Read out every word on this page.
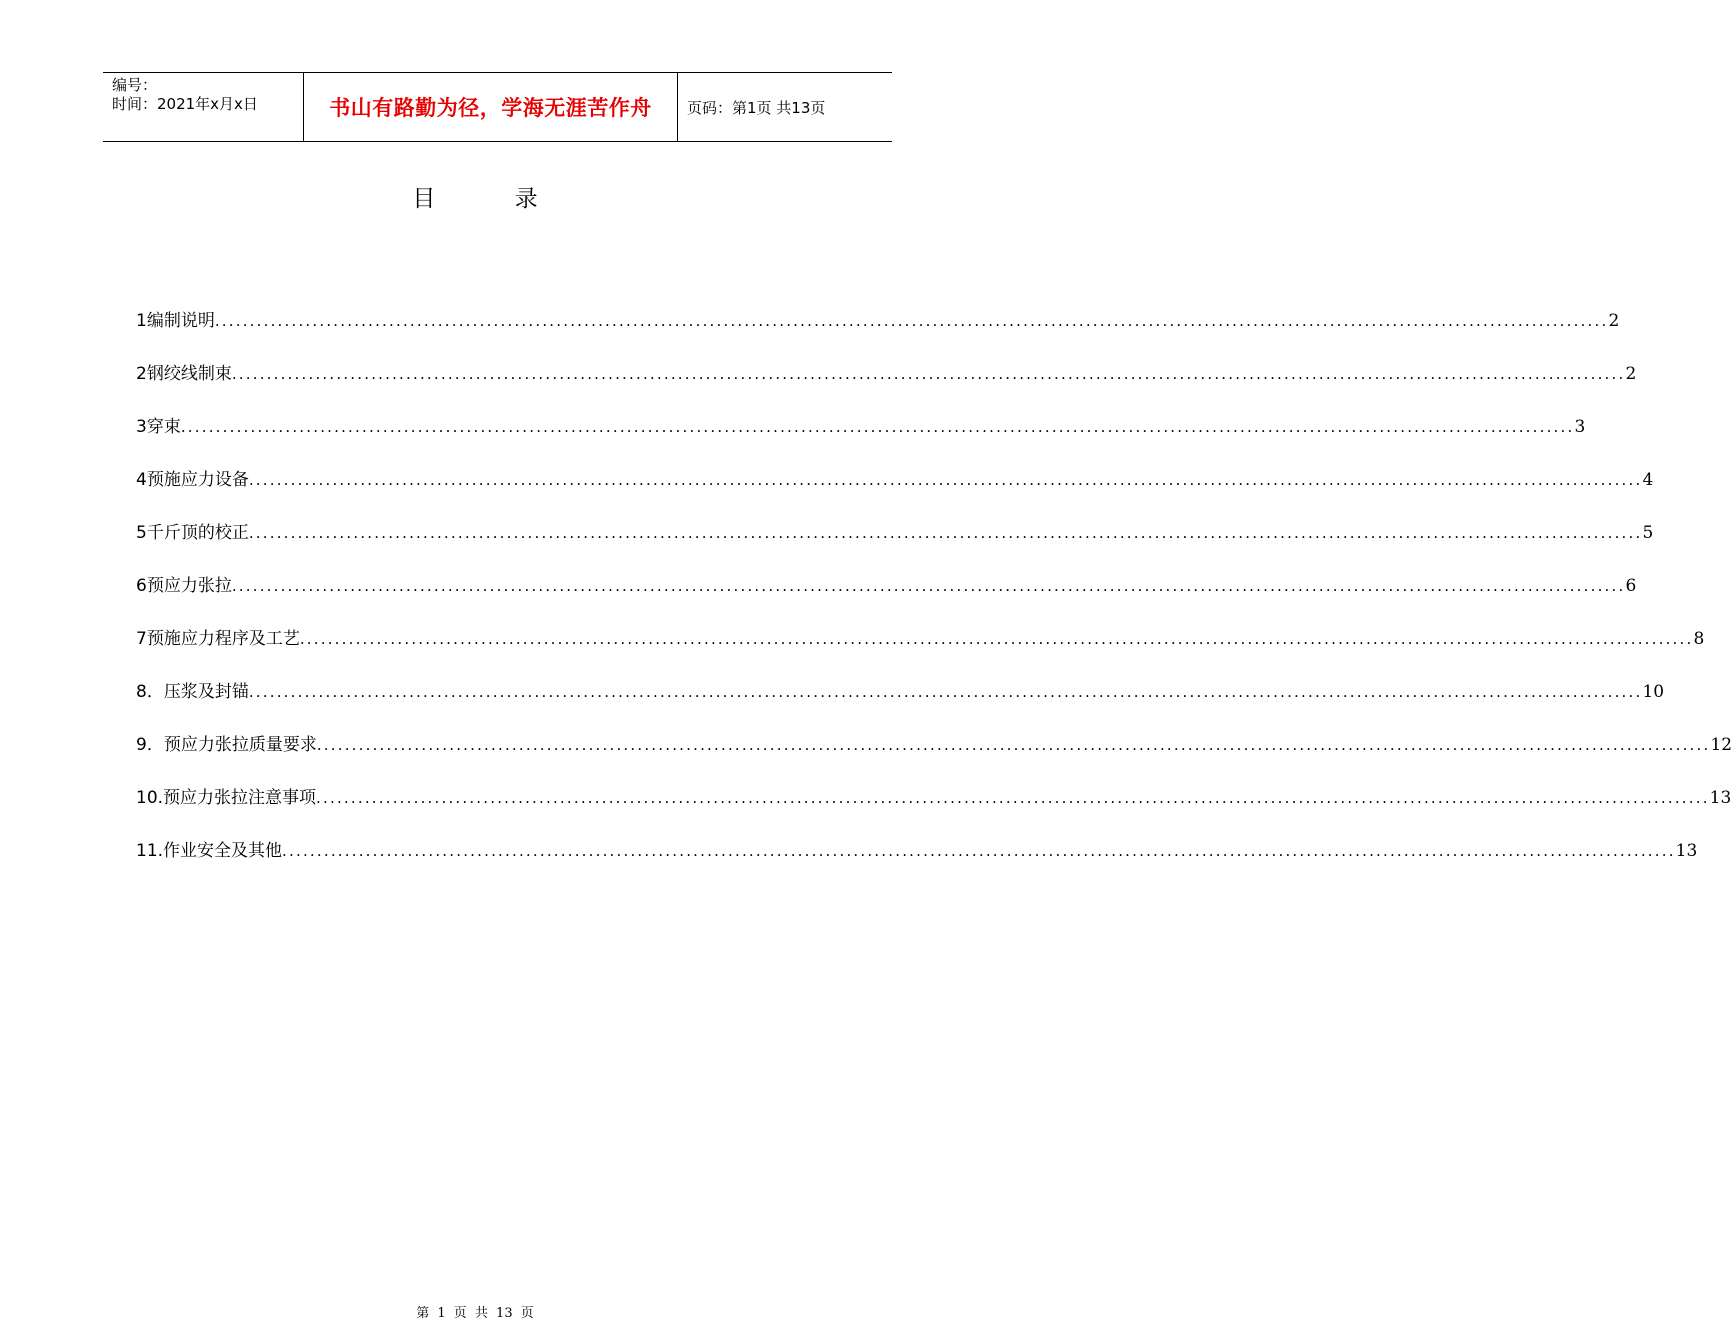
编号：
时间：2021年x月x日	书山有路勤为径，学海无涯苦作舟 页码：第1页 共13页
目 录
1编制说明 ........................................................................................................................................................................................................ 2
2钢绞线制束 ........................................................................................................................................................................................................ 2
3穿束 ........................................................................................................................................................................................................ 3
4预施应力设备 ........................................................................................................................................................................................................ 4
5千斤顶的校正 ........................................................................................................................................................................................................ 5
6预应力张拉 ........................................................................................................................................................................................................ 6
7预施应力程序及工艺 ........................................................................................................................................................................................................ 8
8．压浆及封锚 ........................................................................................................................................................................................................ 10
9．预应力张拉质量要求 ........................................................................................................................................................................................................ 12
10.预应力张拉注意事项 ........................................................................................................................................................................................................ 13
11.作业安全及其他 ........................................................................................................................................................................................................ 13
第 1 页 共 13 页
